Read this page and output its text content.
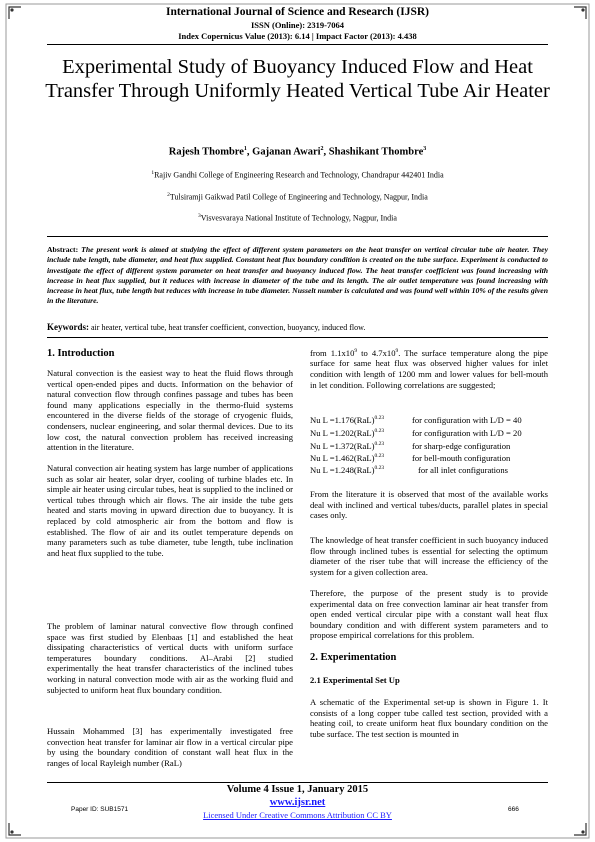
International Journal of Science and Research (IJSR)
ISSN (Online): 2319-7064
Index Copernicus Value (2013): 6.14 | Impact Factor (2013): 4.438
Experimental Study of Buoyancy Induced Flow and Heat Transfer Through Uniformly Heated Vertical Tube Air Heater
Rajesh Thombre$^1$, Gajanan Awari$^2$, Shashikant Thombre$^3$
$^1$Rajiv Gandhi College of Engineering Research and Technology, Chandrapur 442401 India
$^2$Tulsiramji Gaikwad Patil College of Engineering and Technology, Nagpur, India
$^3$Visvesvaraya National Institute of Technology, Nagpur, India
Abstract: The present work is aimed at studying the effect of different system parameters on the heat transfer on vertical circular tube air heater. They include tube length, tube diameter, and heat flux supplied. Constant heat flux boundary condition is created on the tube surface. Experiment is conducted to investigate the effect of different system parameter on heat transfer and buoyancy induced flow. The heat transfer coefficient was found increasing with increase in heat flux supplied, but it reduces with increase in diameter of the tube and its length. The air outlet temperature was found increasing with increase in heat flux, tube length but reduces with increase in tube diameter. Nusselt number is calculated and was found well within 10% of the results given in the literature.
Keywords: air heater, vertical tube, heat transfer coefficient, convection, buoyancy, induced flow.
1. Introduction

Natural convection is the easiest way to heat the fluid flows through vertical open-ended pipes and ducts. Information on the behavior of natural convection flow through confines passage and tubes has been found many applications especially in the thermo-fluid systems encountered in the diverse fields of the storage of cryogenic fluids, condensers, nuclear engineering, and solar thermal devices. Due to its low cost, the natural convection problem has received increasing attention in the literature.

Natural convection air heating system has large number of applications such as solar air heater, solar dryer, cooling of turbine blades etc. In simple air heater using circular tubes, heat is supplied to the inclined or vertical tubes through which air flows. The air inside the tube gets heated and starts moving in upward direction due to buoyancy. It is replaced by cold atmospheric air from the bottom and flow is established. The flow of air and its outlet temperature depends on many parameters such as tube diameter, tube length, tube inclination and heat flux supplied to the tube.

The problem of laminar natural convective flow through confined space was first studied by Elenbaas [1] and established the heat dissipating characteristics of vertical ducts with uniform surface temperatures boundary conditions. Al–Arabi [2] studied experimentally the heat transfer characteristics of the inclined tubes working in natural convection mode with air as the working fluid and subjected to uniform heat flux boundary condition.

Hussain Mohammed [3] has experimentally investigated free convection heat transfer for laminar air flow in a vertical circular pipe by using the boundary condition of constant wall heat flux in the ranges of local Rayleigh number (RaL)

from $1.1x10^9$ to $4.7x10^9$. The surface temperature along the pipe surface for same heat flux was observed higher values for inlet condition with length of 1200 mm and lower values for bell-mouth in let condition. Following correlations are suggested;

Nu L =1.176(RaL)$^{0.23}$	for configuration with L/D = 40
Nu L =1.202(RaL)$^{0.23}$	for configuration with L/D = 20
Nu L =1.372(RaL)$^{0.23}$	for sharp-edge configuration
Nu L =1.462(RaL)$^{0.23}$	for bell-mouth configuration
Nu L =1.248(RaL)$^{0.23}$	for all inlet configurations

From the literature it is observed that most of the available works deal with inclined and vertical tubes/ducts, parallel plates in special cases only.

The knowledge of heat transfer coefficient in such buoyancy induced flow through inclined tubes is essential for selecting the optimum diameter of the riser tube that will increase the efficiency of the system for a given collection area.

Therefore, the purpose of the present study is to provide experimental data on free convection laminar air heat transfer from open ended vertical circular pipe with a constant wall heat flux boundary condition and with different system parameters and to propose empirical correlations for this problem.

2. Experimentation
2.1 Experimental Set Up

A schematic of the Experimental set-up is shown in Figure 1. It consists of a long copper tube called test section, provided with a heating coil, to create uniform heat flux boundary condition on the tube surface. The test section is mounted in

Volume 4 Issue 1, January 2015
www.ijsr.net
Licensed Under Creative Commons Attribution CC BY
Paper ID: SUB1571	666
